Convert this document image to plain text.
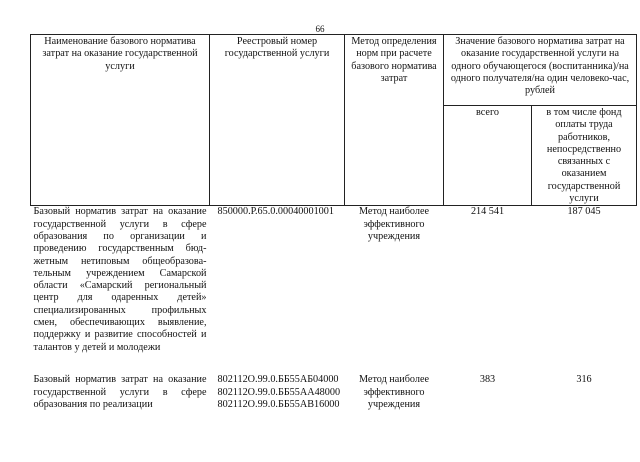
66
Наименование базового норматива затрат на оказание государственной услуги	Реестровый номер государственной услуги	Метод определения норм при расчете базового норматива затрат	Значение базового норматива затрат на оказание государственной услуги на одного обучающегося (воспитанника)/на одного получателя/на один человеко-час, рублей	
			всего	в том числе фонд оплаты труда работников, непосредственно связанных с оказанием государственной услуги
Базовый норматив затрат на оказание государственной услуги в сфере образования по организации и проведению государственным бюд-жетным нетиповым общеобразова-тельным учреждением Самарской области «Самарский региональный центр для одаренных детей» специализированных профильных смен, обеспечивающих выявление, поддержку и развитие способностей и талантов у детей и молодежи	850000.Р.65.0.00040001001	Метод наиболее эффективного учреждения	214 541	187 045
Базовый норматив затрат на оказание государственной услуги в сфере образования по реализации	802112О.99.0.ББ55АБ04000
802112О.99.0.ББ55АА48000
802112О.99.0.ББ55АВ16000	Метод наиболее эффективного учреждения	383	316
